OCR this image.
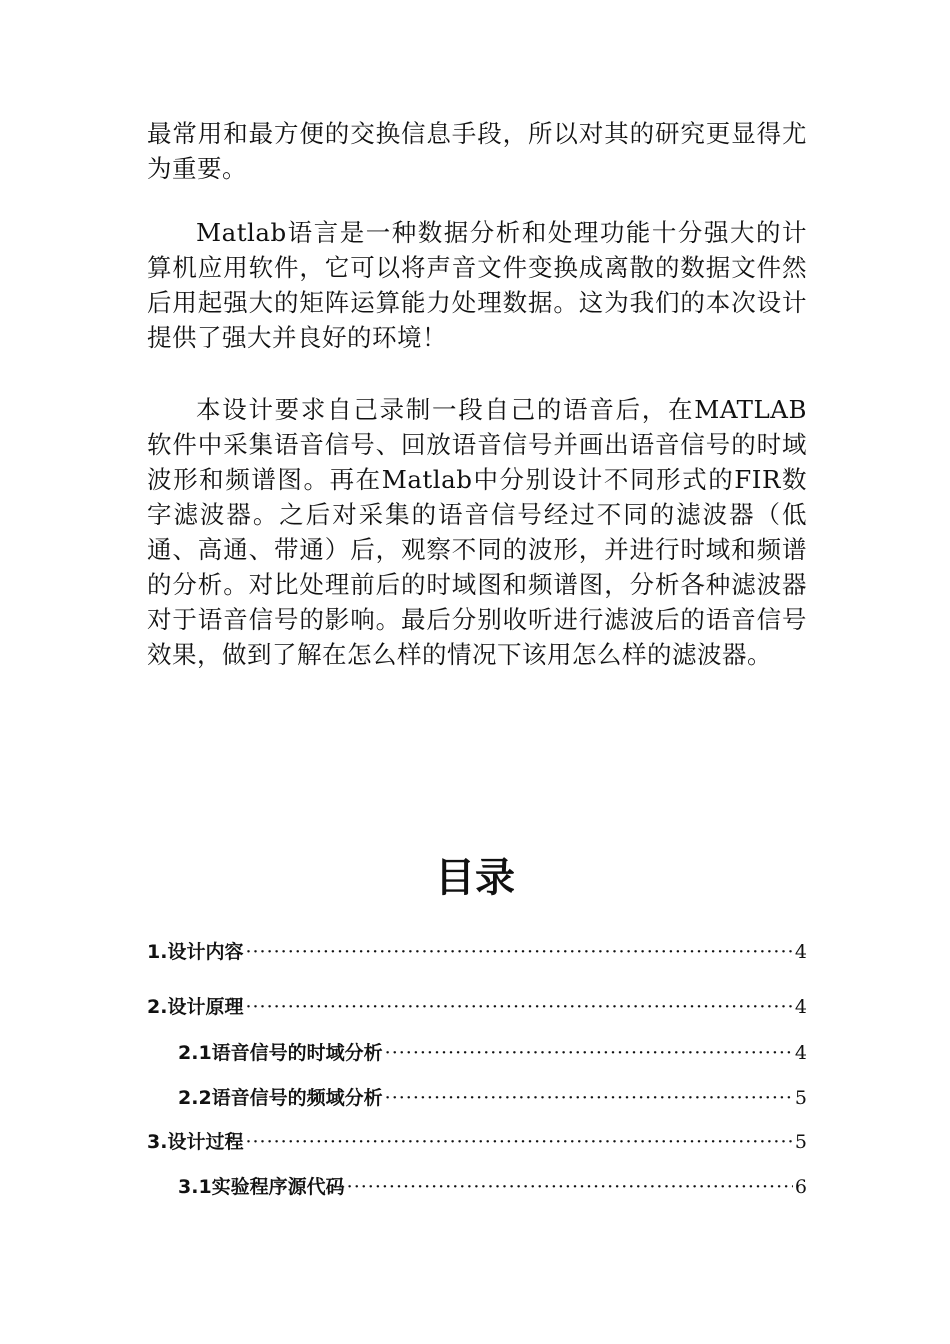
最常用和最方便的交换信息手段，所以对其的研究更显得尤为重要。

Matlab语言是一种数据分析和处理功能十分强大的计算机应用软件，它可以将声音文件变换成离散的数据文件然后用起强大的矩阵运算能力处理数据。这为我们的本次设计提供了强大并良好的环境！

本设计要求自己录制一段自己的语音后，在MATLAB软件中采集语音信号、回放语音信号并画出语音信号的时域波形和频谱图。再在Matlab中分别设计不同形式的FIR数字滤波器。之后对采集的语音信号经过不同的滤波器（低通、高通、带通）后，观察不同的波形，并进行时域和频谱的分析。对比处理前后的时域图和频谱图，分析各种滤波器对于语音信号的影响。最后分别收听进行滤波后的语音信号效果，做到了解在怎么样的情况下该用怎么样的滤波器。

目录
1.设计内容 ·····	4
2.设计原理 ·····	4
2.1语音信号的时域分析 ·····	4
2.2语音信号的频域分析 ·····	5
3.设计过程 ·····	5
3.1实验程序源代码 ·····	6
